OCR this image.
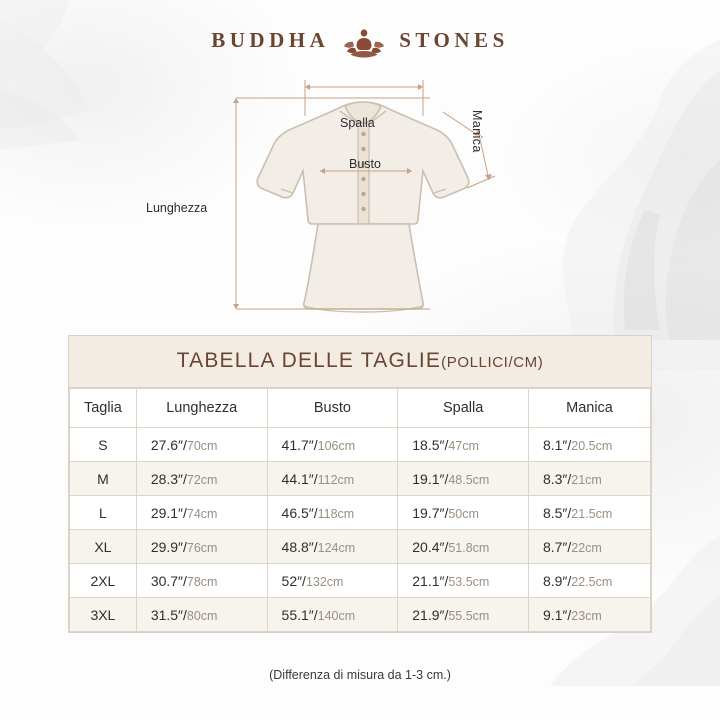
BUDDHA	STONES
Spalla
Busto
Lunghezza
Manica
TABELLA DELLE TAGLIE(POLLICI/CM)
Taglia	Lunghezza	Busto	Spalla	Manica
S	27.6″/70cm	41.7″/106cm	18.5″/47cm	8.1″/20.5cm
M	28.3″/72cm	44.1″/112cm	19.1″/48.5cm	8.3″/21cm
L	29.1″/74cm	46.5″/118cm	19.7″/50cm	8.5″/21.5cm
XL	29.9″/76cm	48.8″/124cm	20.4″/51.8cm	8.7″/22cm
2XL	30.7″/78cm	52″/132cm	21.1″/53.5cm	8.9″/22.5cm
3XL	31.5″/80cm	55.1″/140cm	21.9″/55.5cm	9.1″/23cm
(Differenza di misura da 1-3 cm.)
